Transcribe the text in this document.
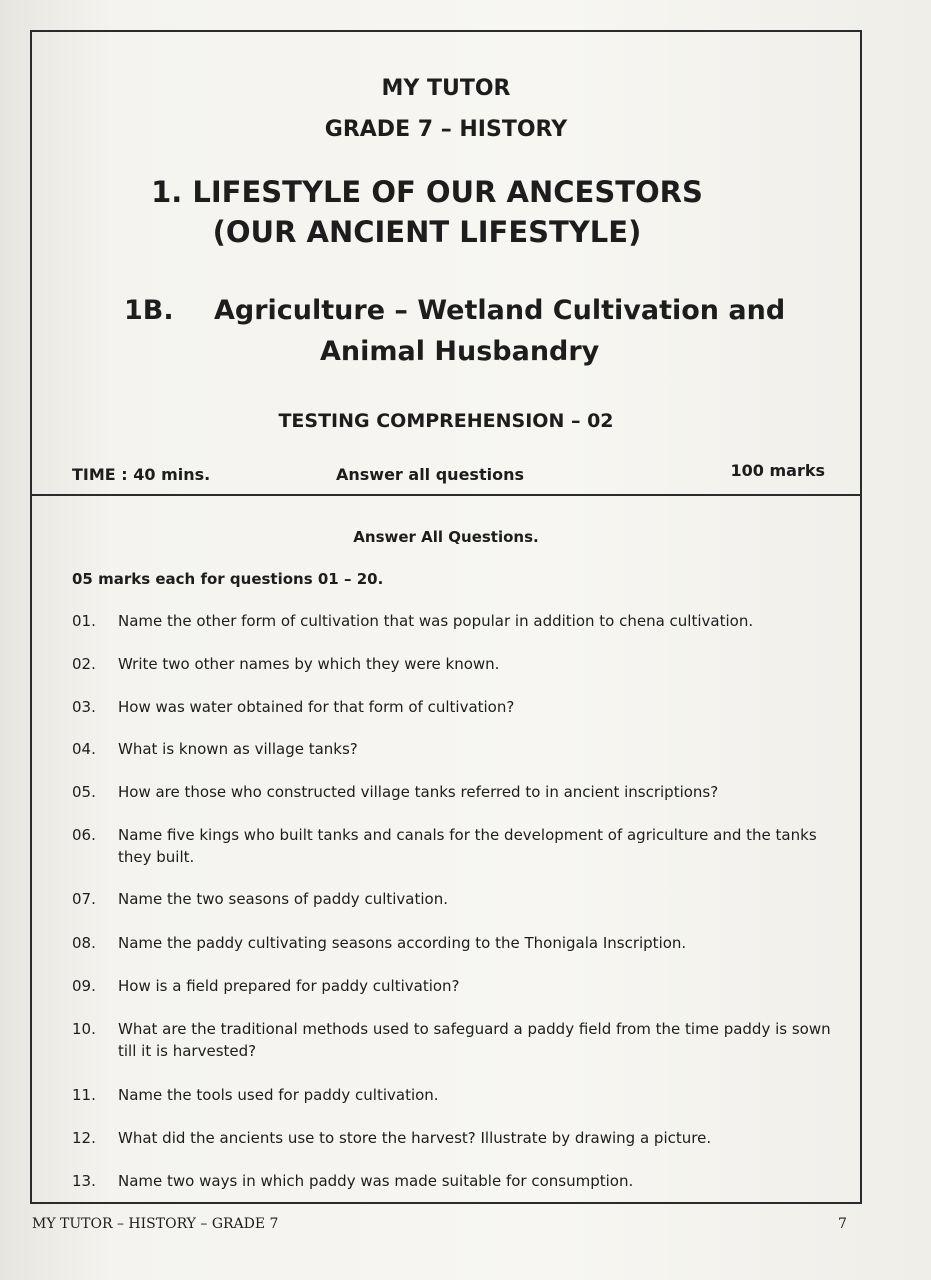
MY TUTOR
GRADE 7 – HISTORY
1. LIFESTYLE OF OUR ANCESTORS
(OUR ANCIENT LIFESTYLE)
1B. Agriculture – Wetland Cultivation and
Animal Husbandry
TESTING COMPREHENSION – 02
TIME : 40 mins.	Answer all questions	100 marks
Answer All Questions.
05 marks each for questions 01 – 20.
01.	Name the other form of cultivation that was popular in addition to chena cultivation.
02.	Write two other names by which they were known.
03.	How was water obtained for that form of cultivation?
04.	What is known as village tanks?
05.	How are those who constructed village tanks referred to in ancient inscriptions?
06.	Name five kings who built tanks and canals for the development of agriculture and the tanks they built.
07.	Name the two seasons of paddy cultivation.
08.	Name the paddy cultivating seasons according to the Thonigala Inscription.
09.	How is a field prepared for paddy cultivation?
10.	What are the traditional methods used to safeguard a paddy field from the time paddy is sown till it is harvested?
11.	Name the tools used for paddy cultivation.
12.	What did the ancients use to store the harvest? Illustrate by drawing a picture.
13.	Name two ways in which paddy was made suitable for consumption.
MY TUTOR – HISTORY – GRADE 7	7
